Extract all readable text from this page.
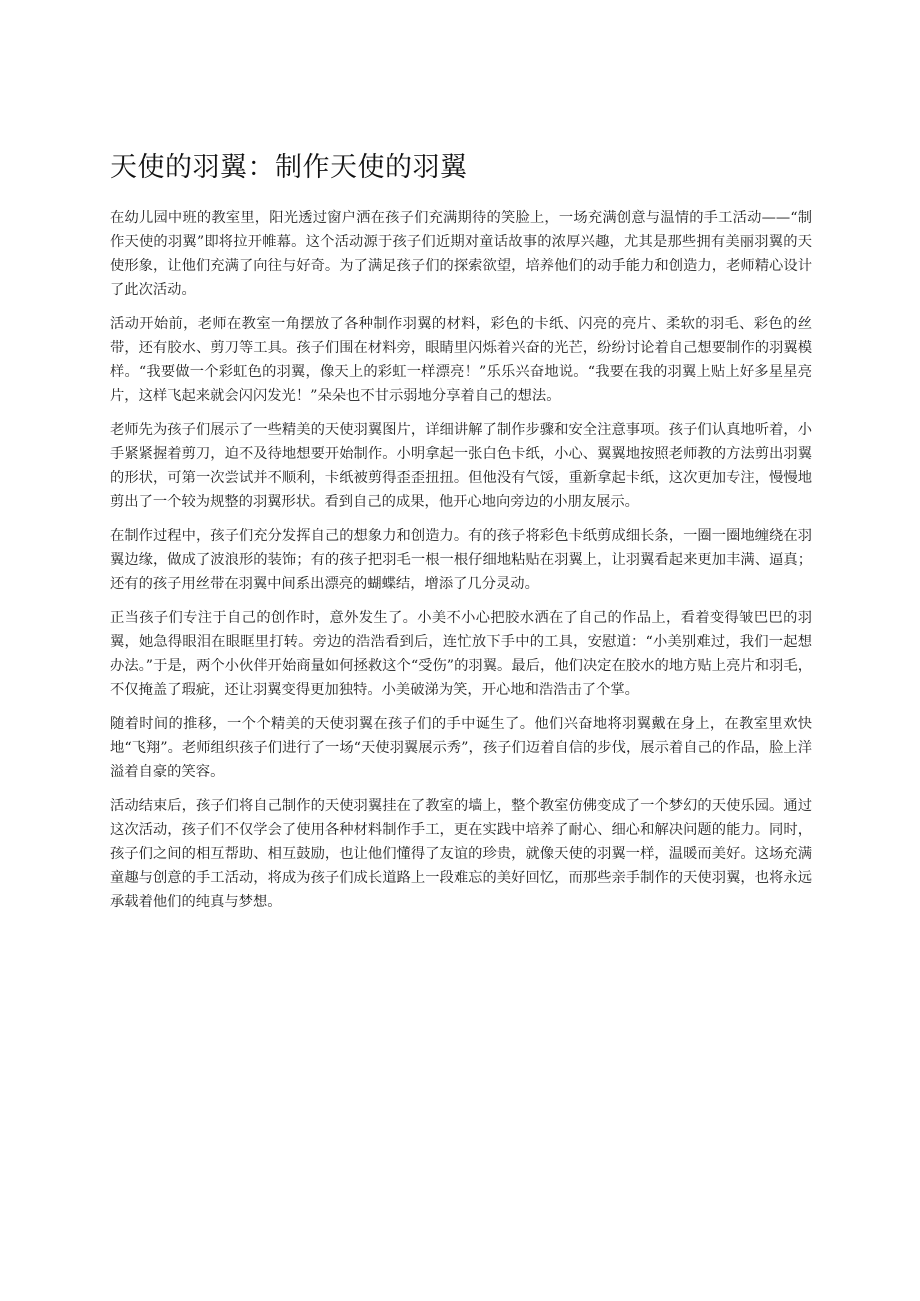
天使的羽翼：制作天使的羽翼

在幼儿园中班的教室里，阳光透过窗户洒在孩子们充满期待的笑脸上，一场充满创意与温情的手工活动——“制作天使的羽翼”即将拉开帷幕。这个活动源于孩子们近期对童话故事的浓厚兴趣，尤其是那些拥有美丽羽翼的天使形象，让他们充满了向往与好奇。为了满足孩子们的探索欲望，培养他们的动手能力和创造力，老师精心设计了此次活动。

活动开始前，老师在教室一角摆放了各种制作羽翼的材料，彩色的卡纸、闪亮的亮片、柔软的羽毛、彩色的丝带，还有胶水、剪刀等工具。孩子们围在材料旁，眼睛里闪烁着兴奋的光芒，纷纷讨论着自己想要制作的羽翼模样。“我要做一个彩虹色的羽翼，像天上的彩虹一样漂亮！”乐乐兴奋地说。“我要在我的羽翼上贴上好多星星亮片，这样飞起来就会闪闪发光！”朵朵也不甘示弱地分享着自己的想法。

老师先为孩子们展示了一些精美的天使羽翼图片，详细讲解了制作步骤和安全注意事项。孩子们认真地听着，小手紧紧握着剪刀，迫不及待地想要开始制作。小明拿起一张白色卡纸，小心、翼翼地按照老师教的方法剪出羽翼的形状，可第一次尝试并不顺利，卡纸被剪得歪歪扭扭。但他没有气馁，重新拿起卡纸，这次更加专注，慢慢地剪出了一个较为规整的羽翼形状。看到自己的成果，他开心地向旁边的小朋友展示。

在制作过程中，孩子们充分发挥自己的想象力和创造力。有的孩子将彩色卡纸剪成细长条，一圈一圈地缠绕在羽翼边缘，做成了波浪形的装饰；有的孩子把羽毛一根一根仔细地粘贴在羽翼上，让羽翼看起来更加丰满、逼真；还有的孩子用丝带在羽翼中间系出漂亮的蝴蝶结，增添了几分灵动。

正当孩子们专注于自己的创作时，意外发生了。小美不小心把胶水洒在了自己的作品上，看着变得皱巴巴的羽翼，她急得眼泪在眼眶里打转。旁边的浩浩看到后，连忙放下手中的工具，安慰道：“小美别难过，我们一起想办法。”于是，两个小伙伴开始商量如何拯救这个“受伤”的羽翼。最后，他们决定在胶水的地方贴上亮片和羽毛，不仅掩盖了瑕疵，还让羽翼变得更加独特。小美破涕为笑，开心地和浩浩击了个掌。

随着时间的推移，一个个精美的天使羽翼在孩子们的手中诞生了。他们兴奋地将羽翼戴在身上，在教室里欢快地“飞翔”。老师组织孩子们进行了一场“天使羽翼展示秀”，孩子们迈着自信的步伐，展示着自己的作品，脸上洋溢着自豪的笑容。

活动结束后，孩子们将自己制作的天使羽翼挂在了教室的墙上，整个教室仿佛变成了一个梦幻的天使乐园。通过这次活动，孩子们不仅学会了使用各种材料制作手工，更在实践中培养了耐心、细心和解决问题的能力。同时，孩子们之间的相互帮助、相互鼓励，也让他们懂得了友谊的珍贵，就像天使的羽翼一样，温暖而美好。这场充满童趣与创意的手工活动，将成为孩子们成长道路上一段难忘的美好回忆，而那些亲手制作的天使羽翼，也将永远承载着他们的纯真与梦想。
